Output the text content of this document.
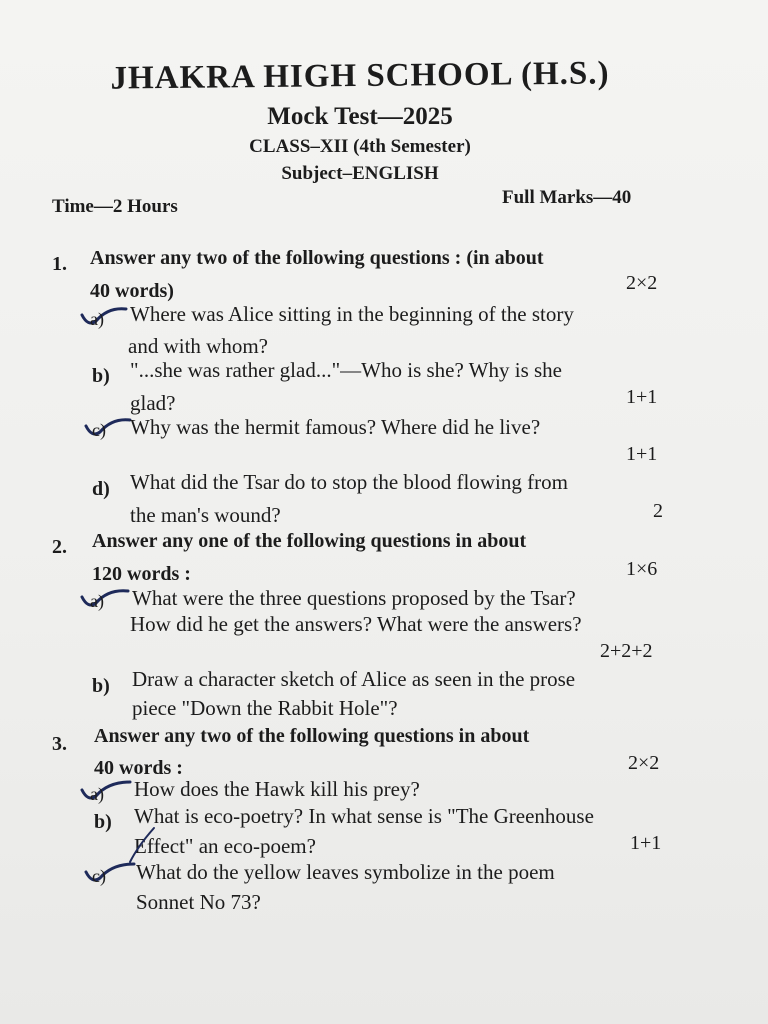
JHAKRA HIGH SCHOOL (H.S.)
Mock Test—2025
CLASS–XII (4th Semester)
Subject–ENGLISH
Time—2 Hours	Full Marks—40
1. Answer any two of the following questions : (in about
40 words)	2×2
a) Where was Alice sitting in the beginning of the story
and with whom?
b) "...she was rather glad..."—Who is she? Why is she
glad?	1+1
c) Why was the hermit famous? Where did he live?
1+1
d) What did the Tsar do to stop the blood flowing from
the man's wound?	2
2. Answer any one of the following questions in about
120 words :	1×6
a) What were the three questions proposed by the Tsar?
How did he get the answers? What were the answers?
2+2+2
b) Draw a character sketch of Alice as seen in the prose
piece "Down the Rabbit Hole"?
3. Answer any two of the following questions in about
40 words :	2×2
a) How does the Hawk kill his prey?
b) What is eco-poetry? In what sense is "The Greenhouse
Effect" an eco-poem?	1+1
c) What do the yellow leaves symbolize in the poem
Sonnet No 73?
